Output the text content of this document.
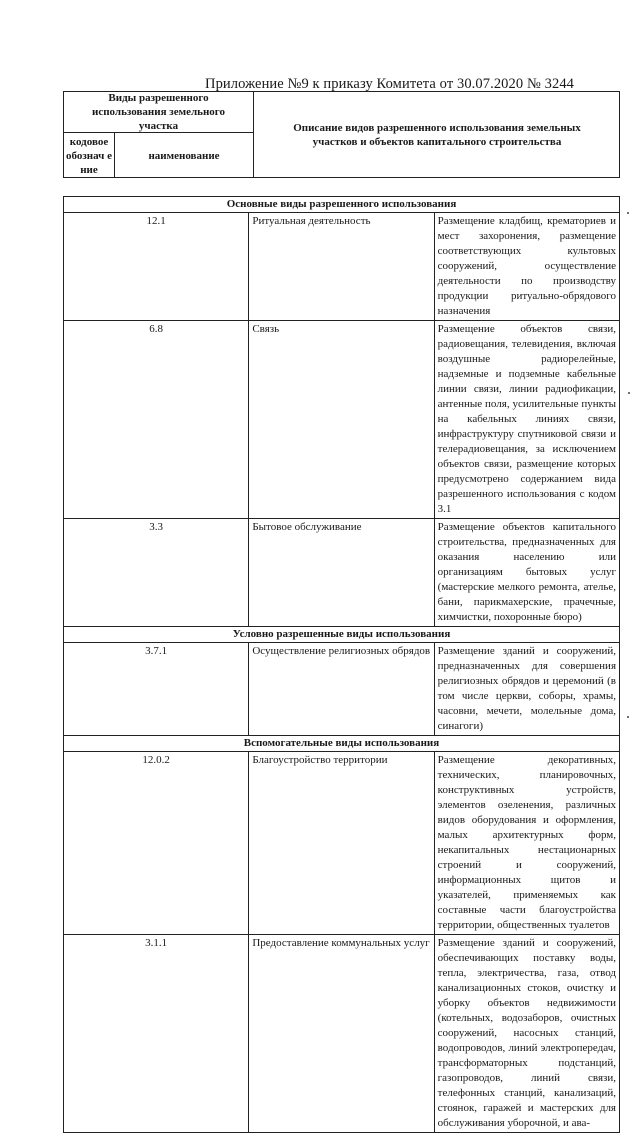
Приложение №9 к приказу Комитета от 30.07.2020 № 3244
Виды разрешенного использования земельного участка
кодовое обознач ение
наименование
Описание видов разрешенного использования земельных участков и объектов капитального строительства
Основные виды разрешенного использования		
12.1	Ритуальная деятельность	Размещение кладбищ, крематориев и мест захоронения, размещение соответствующих культовых сооружений, осуществление деятельности по производству продукции ритуально-обрядового назначения
6.8	Связь	Размещение объектов связи, радиовещания, телевидения, включая воздушные радиорелейные, надземные и подземные кабельные линии связи, линии радиофикации, антенные поля, усилительные пункты на кабельных линиях связи, инфраструктуру спутниковой связи и телерадиовещания, за исключением объектов связи, размещение которых предусмотрено содержанием вида разрешенного использования с кодом 3.1
3.3	Бытовое обслуживание	Размещение объектов капитального строительства, предназначенных для оказания населению или организациям бытовых услуг (мастерские мелкого ремонта, ателье, бани, парикмахерские, прачечные, химчистки, похоронные бюро)
Условно разрешенные виды использования		
3.7.1	Осуществление религиозных обрядов	Размещение зданий и сооружений, предназначенных для совершения религиозных обрядов и церемоний (в том числе церкви, соборы, храмы, часовни, мечети, молельные дома, синагоги)
Вспомогательные виды использования		
12.0.2	Благоустройство территории	Размещение декоративных, технических, планировочных, конструктивных устройств, элементов озеленения, различных видов оборудования и оформления, малых архитектурных форм, некапитальных нестационарных строений и сооружений, информационных щитов и указателей, применяемых как составные части благоустройства территории, общественных туалетов
3.1.1	Предоставление коммунальных услуг	Размещение зданий и сооружений, обеспечивающих поставку воды, тепла, электричества, газа, отвод канализационных стоков, очистку и уборку объектов недвижимости (котельных, водозаборов, очистных сооружений, насосных станций, водопроводов, линий электропередач, трансформаторных подстанций, газопроводов, линий связи, телефонных станций, канализаций, стоянок, гаражей и мастерских для обслуживания уборочной, и ава-
